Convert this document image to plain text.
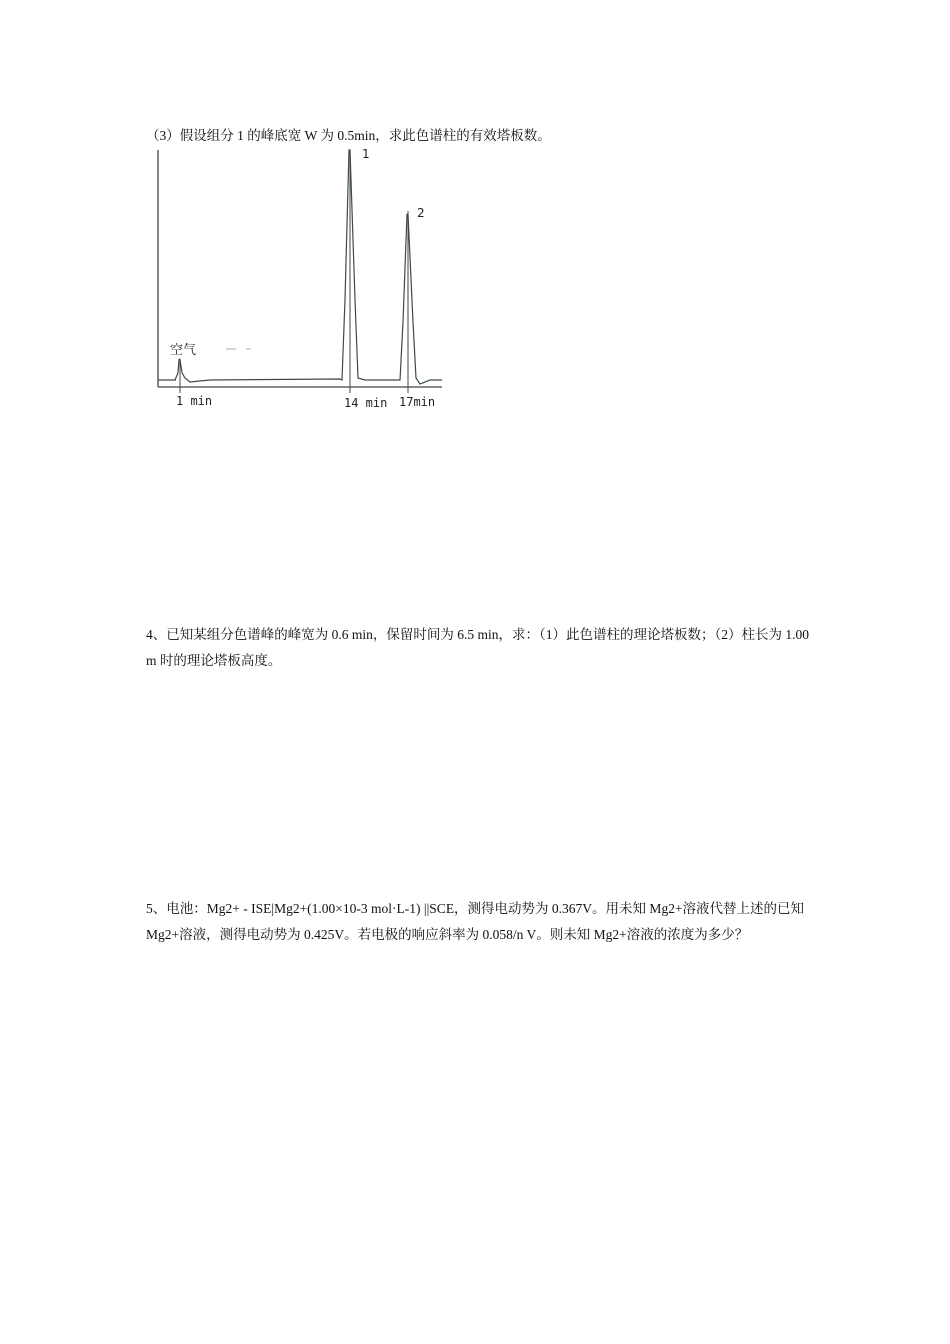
（3）假设组分 1 的峰底宽 W 为 0.5min，求此色谱柱的有效塔板数。
空气
1
2
1 min	14 min 17min
4、已知某组分色谱峰的峰宽为 0.6 min，保留时间为 6.5 min，求：（1）此色谱柱的理论塔板数；（2）柱长为 1.00 m 时的理论塔板高度。
5、电池：Mg2+ - ISE|Mg2+(1.00×10-3 mol·L-1) ||SCE，测得电动势为 0.367V。用未知 Mg2+溶液代替上述的已知 Mg2+溶液，测得电动势为 0.425V。若电极的响应斜率为 0.058/n V。则未知 Mg2+溶液的浓度为多少？
